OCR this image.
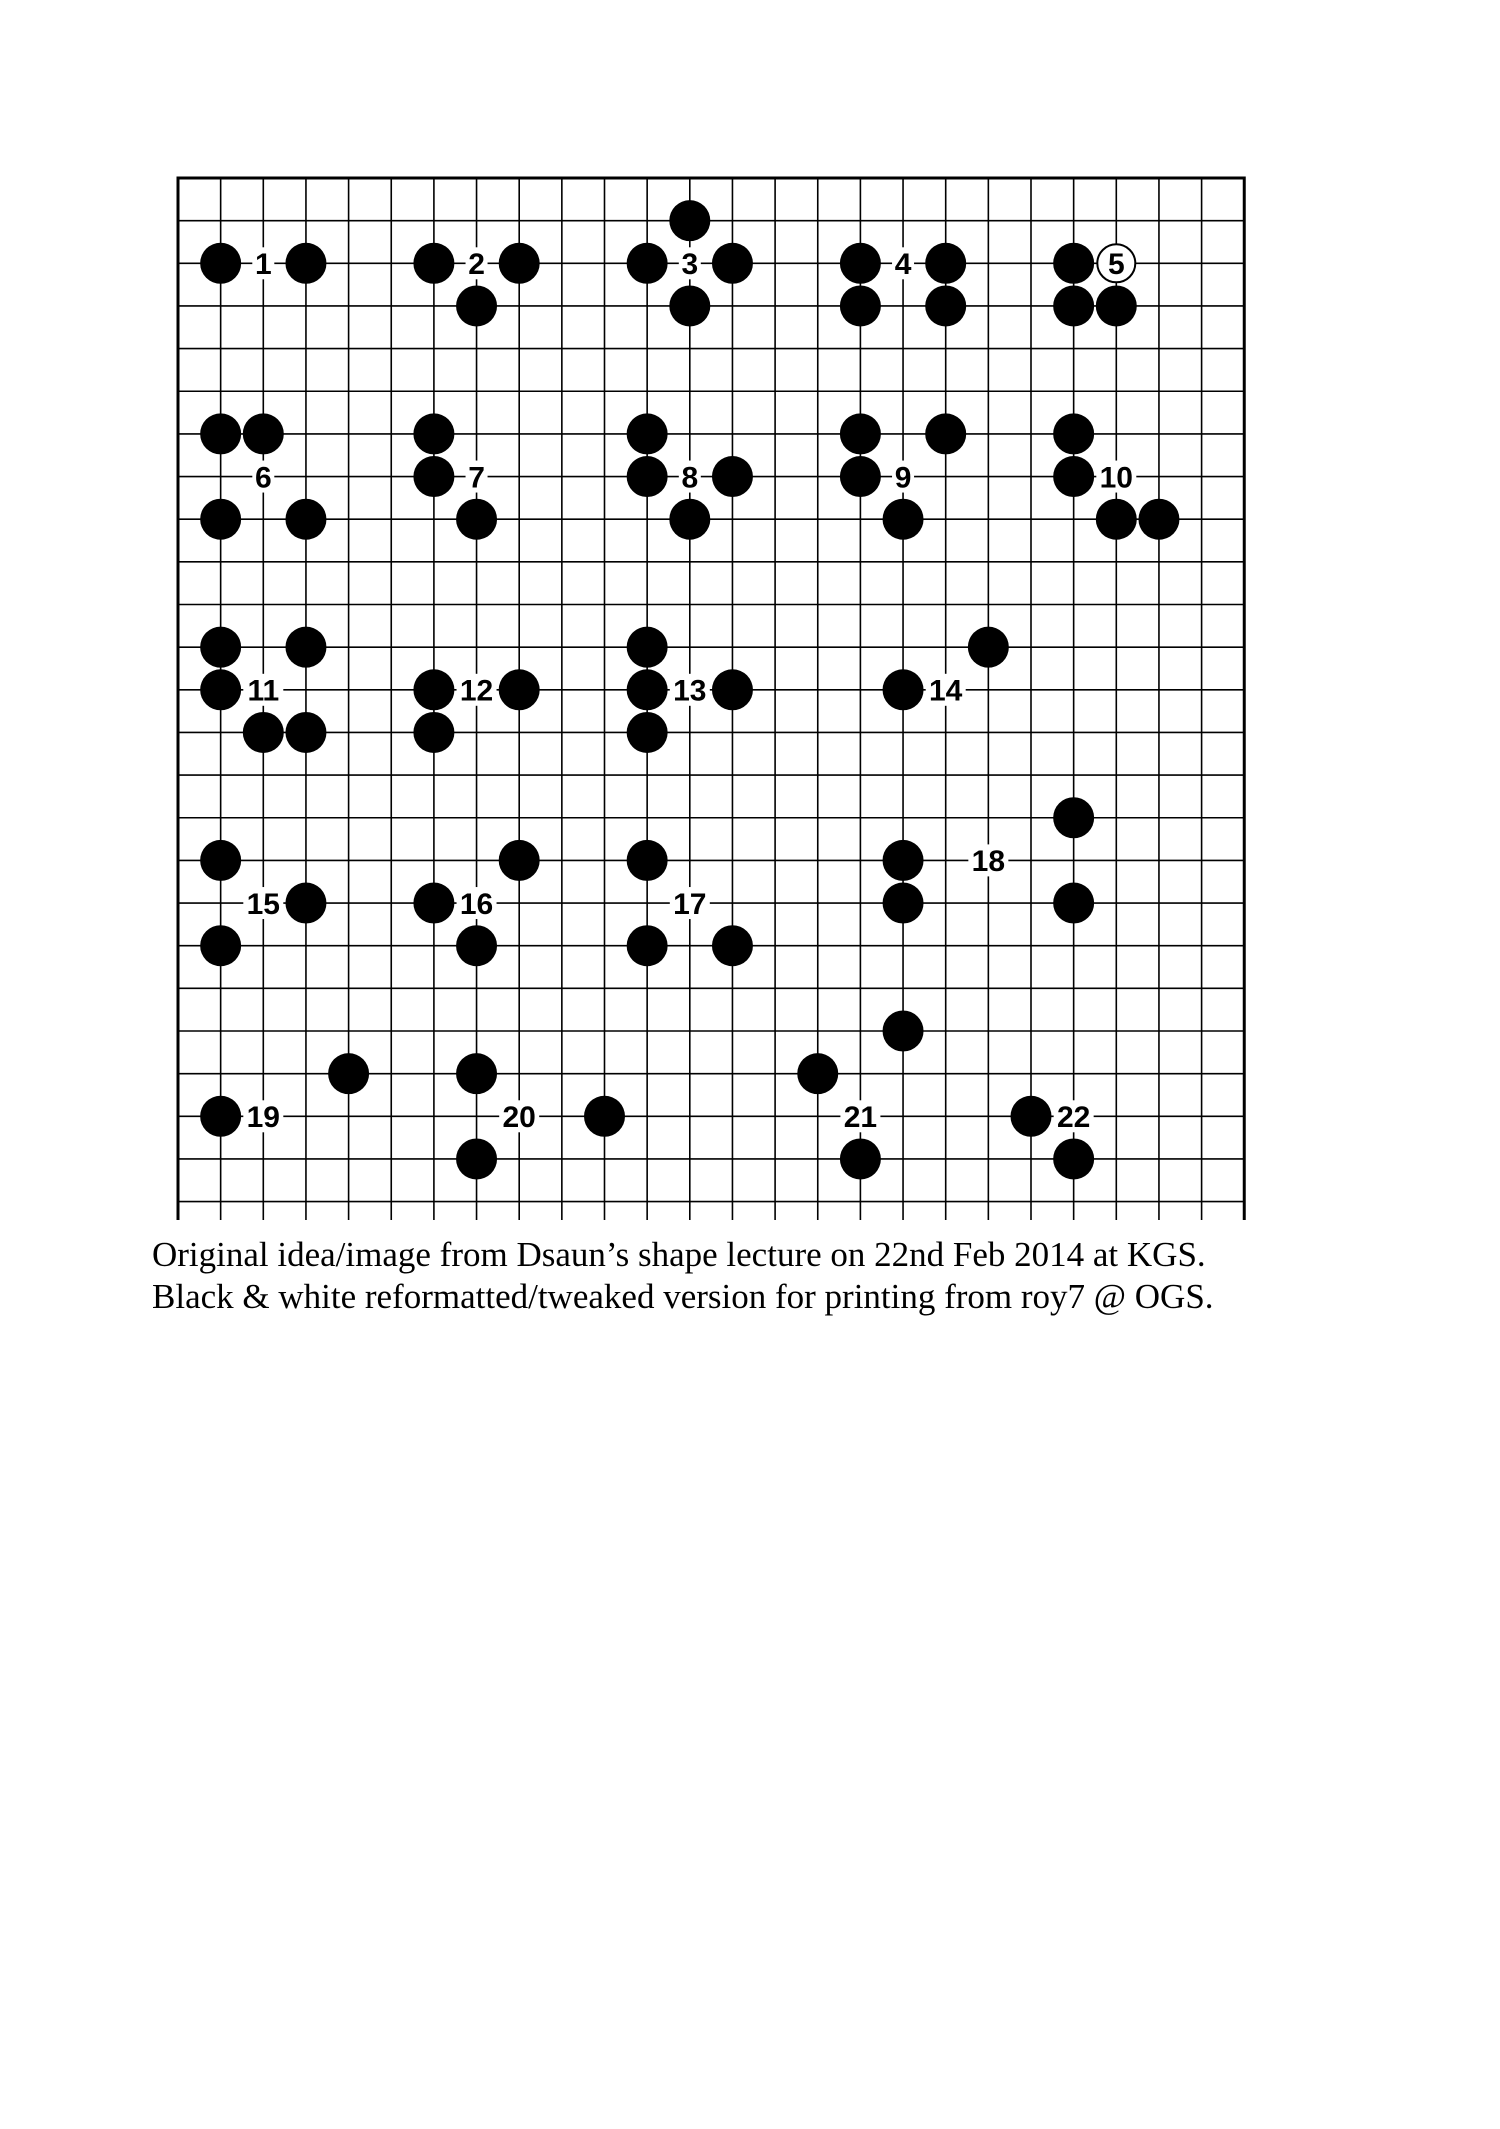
1	2	3	4
6	7	8	9	10
11	12	13	14
15	16	17
18
19	20	21	22
5

Original idea/image from Dsaun’s shape lecture on 22nd Feb 2014 at KGS.

Black & white reformatted/tweaked version for printing from roy7 @ OGS.
